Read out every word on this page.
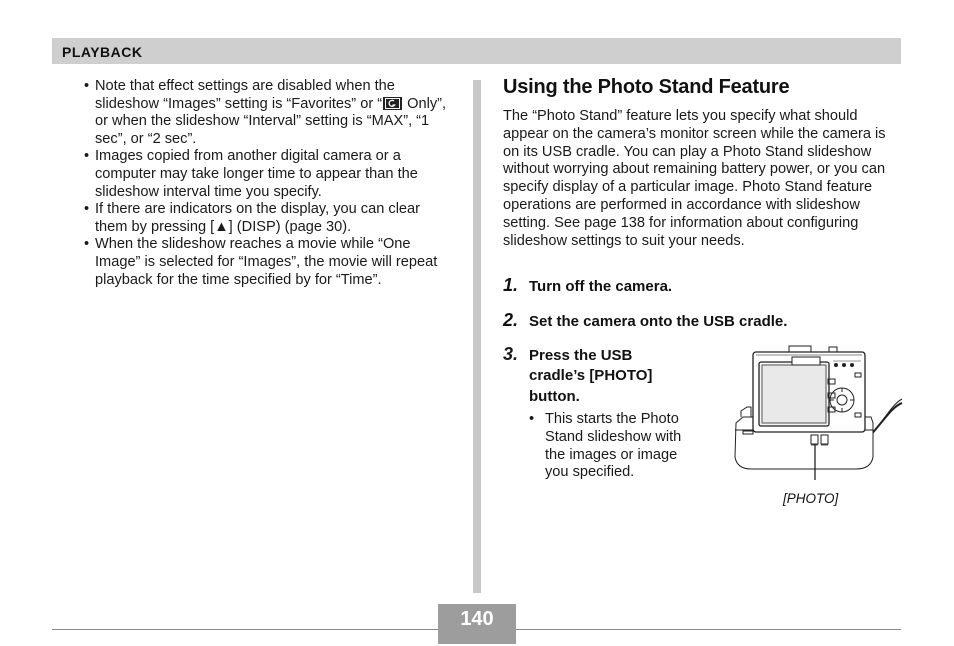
PLAYBACK

• Note that effect settings are disabled when the slideshow “Images” setting is “Favorites” or “
Only”, or when the slideshow “Interval” setting is “MAX”, “1 sec”, or “2 sec”.

• Images copied from another digital camera or a computer may take longer time to appear than the slideshow interval time you specify.

• If there are indicators on the display, you can clear them by pressing [▲] (DISP) (page 30).

• When the slideshow reaches a movie while “One Image” is selected for “Images”, the movie will repeat playback for the time specified by for “Time”.

Using the Photo Stand Feature

The “Photo Stand” feature lets you specify what should appear on the camera’s monitor screen while the camera is on its USB cradle. You can play a Photo Stand slideshow without worrying about remaining battery power, or you can specify display of a particular image. Photo Stand feature operations are performed in accordance with slideshow setting. See page 138 for information about configuring slideshow settings to suit your needs.

1. Turn off the camera.
2. Set the camera onto the USB cradle.
3. Press the USB cradle’s [PHOTO] button.
• This starts the Photo Stand slideshow with the images or image you specified.
[PHOTO]
140
